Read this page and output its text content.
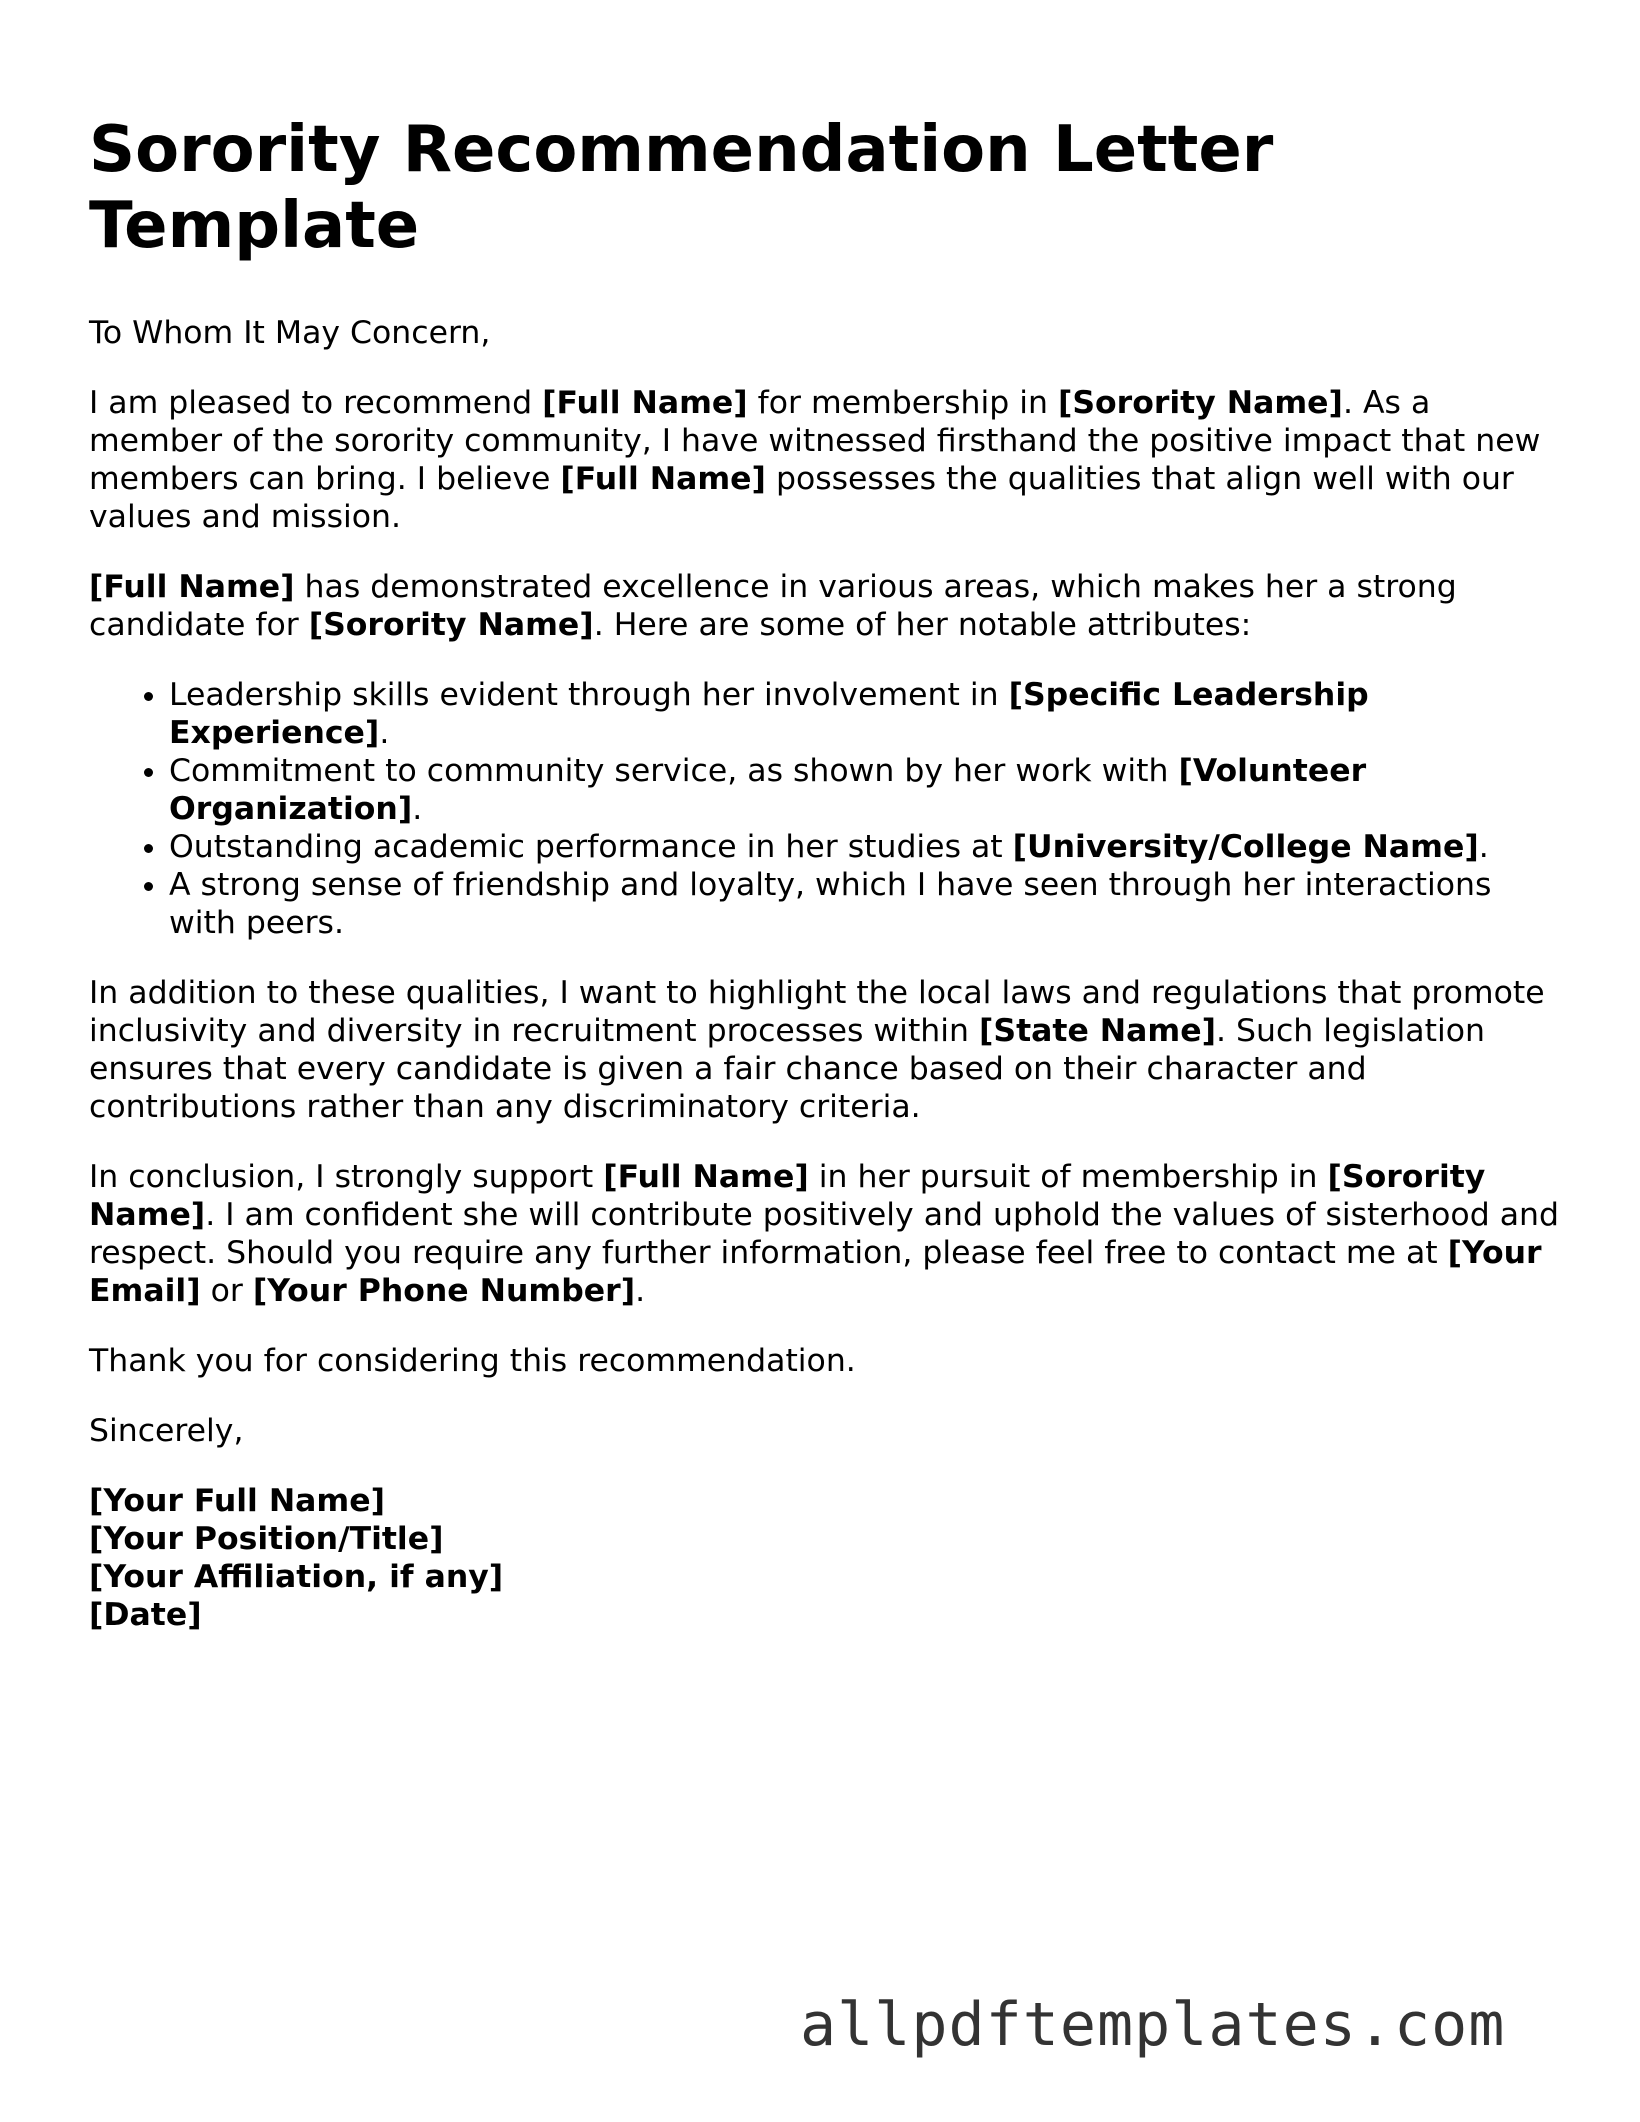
Sorority Recommendation Letter Template

To Whom It May Concern,

I am pleased to recommend [Full Name] for membership in [Sorority Name]. As a member of the sorority community, I have witnessed firsthand the positive impact that new members can bring. I believe [Full Name] possesses the qualities that align well with our values and mission.

[Full Name] has demonstrated excellence in various areas, which makes her a strong candidate for [Sorority Name]. Here are some of her notable attributes:

• Leadership skills evident through her involvement in [Specific Leadership Experience].
• Commitment to community service, as shown by her work with [Volunteer Organization].
• Outstanding academic performance in her studies at [University/College Name].
• A strong sense of friendship and loyalty, which I have seen through her interactions with peers.

In addition to these qualities, I want to highlight the local laws and regulations that promote inclusivity and diversity in recruitment processes within [State Name]. Such legislation ensures that every candidate is given a fair chance based on their character and contributions rather than any discriminatory criteria.

In conclusion, I strongly support [Full Name] in her pursuit of membership in [Sorority Name]. I am confident she will contribute positively and uphold the values of sisterhood and respect. Should you require any further information, please feel free to contact me at [Your Email] or [Your Phone Number].

Thank you for considering this recommendation.

Sincerely,

[Your Full Name]
[Your Position/Title]
[Your Affiliation, if any]
[Date]

allpdftemplates.com
